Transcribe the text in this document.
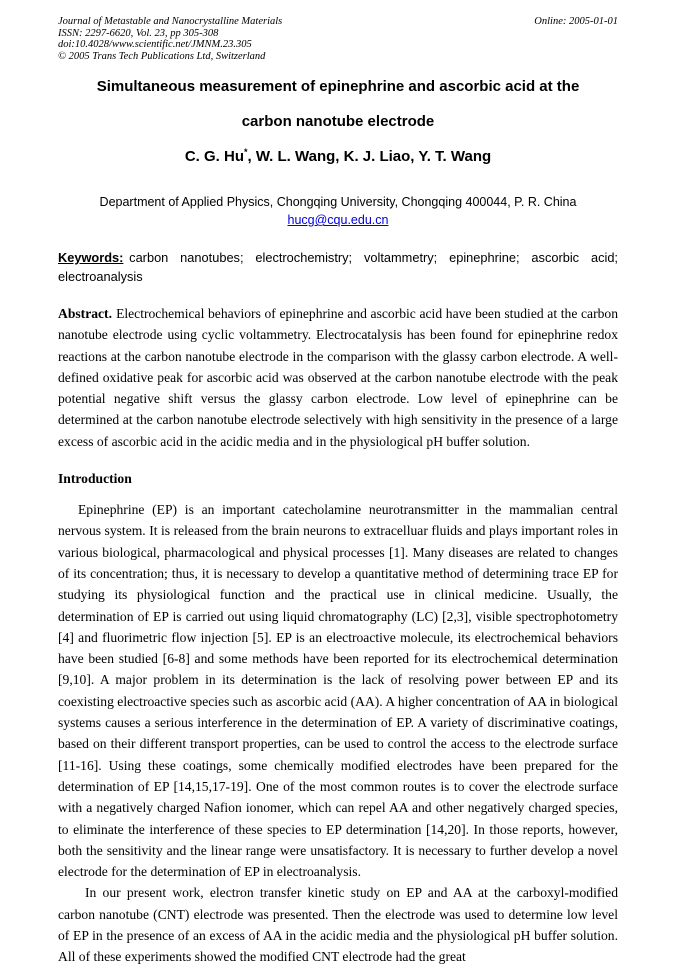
Journal of Metastable and Nanocrystalline Materials
ISSN: 2297-6620, Vol. 23, pp 305-308
doi:10.4028/www.scientific.net/JMNM.23.305
© 2005 Trans Tech Publications Ltd, Switzerland
Online: 2005-01-01
Simultaneous measurement of epinephrine and ascorbic acid at the
carbon nanotube electrode
C. G. Hu*, W. L. Wang, K. J. Liao, Y. T. Wang
Department of Applied Physics, Chongqing University, Chongqing 400044, P. R. China
hucg@cqu.edu.cn
Keywords: carbon nanotubes; electrochemistry; voltammetry; epinephrine; ascorbic acid; electroanalysis
Abstract. Electrochemical behaviors of epinephrine and ascorbic acid have been studied at the carbon nanotube electrode using cyclic voltammetry. Electrocatalysis has been found for epinephrine redox reactions at the carbon nanotube electrode in the comparison with the glassy carbon electrode. A well-defined oxidative peak for ascorbic acid was observed at the carbon nanotube electrode with the peak potential negative shift versus the glassy carbon electrode. Low level of epinephrine can be determined at the carbon nanotube electrode selectively with high sensitivity in the presence of a large excess of ascorbic acid in the acidic media and in the physiological pH buffer solution.
Introduction

Epinephrine (EP) is an important catecholamine neurotransmitter in the mammalian central nervous system. It is released from the brain neurons to extracelluar fluids and plays important roles in various biological, pharmacological and physical processes [1]. Many diseases are related to changes of its concentration; thus, it is necessary to develop a quantitative method of determining trace EP for studying its physiological function and the practical use in clinical medicine. Usually, the determination of EP is carried out using liquid chromatography (LC) [2,3], visible spectrophotometry [4] and fluorimetric flow injection [5]. EP is an electroactive molecule, its electrochemical behaviors have been studied [6-8] and some methods have been reported for its electrochemical determination [9,10]. A major problem in its determination is the lack of resolving power between EP and its coexisting electroactive species such as ascorbic acid (AA). A higher concentration of AA in biological systems causes a serious interference in the determination of EP. A variety of discriminative coatings, based on their different transport properties, can be used to control the access to the electrode surface [11-16]. Using these coatings, some chemically modified electrodes have been prepared for the determination of EP [14,15,17-19]. One of the most common routes is to cover the electrode surface with a negatively charged Nafion ionomer, which can repel AA and other negatively charged species, to eliminate the interference of these species to EP determination [14,20]. In those reports, however, both the sensitivity and the linear range were unsatisfactory. It is necessary to further develop a novel electrode for the determination of EP in electroanalysis.

In our present work, electron transfer kinetic study on EP and AA at the carboxyl-modified carbon nanotube (CNT) electrode was presented. Then the electrode was used to determine low level of EP in the presence of an excess of AA in the acidic media and the physiological pH buffer solution. All of these experiments showed the modified CNT electrode had the great
